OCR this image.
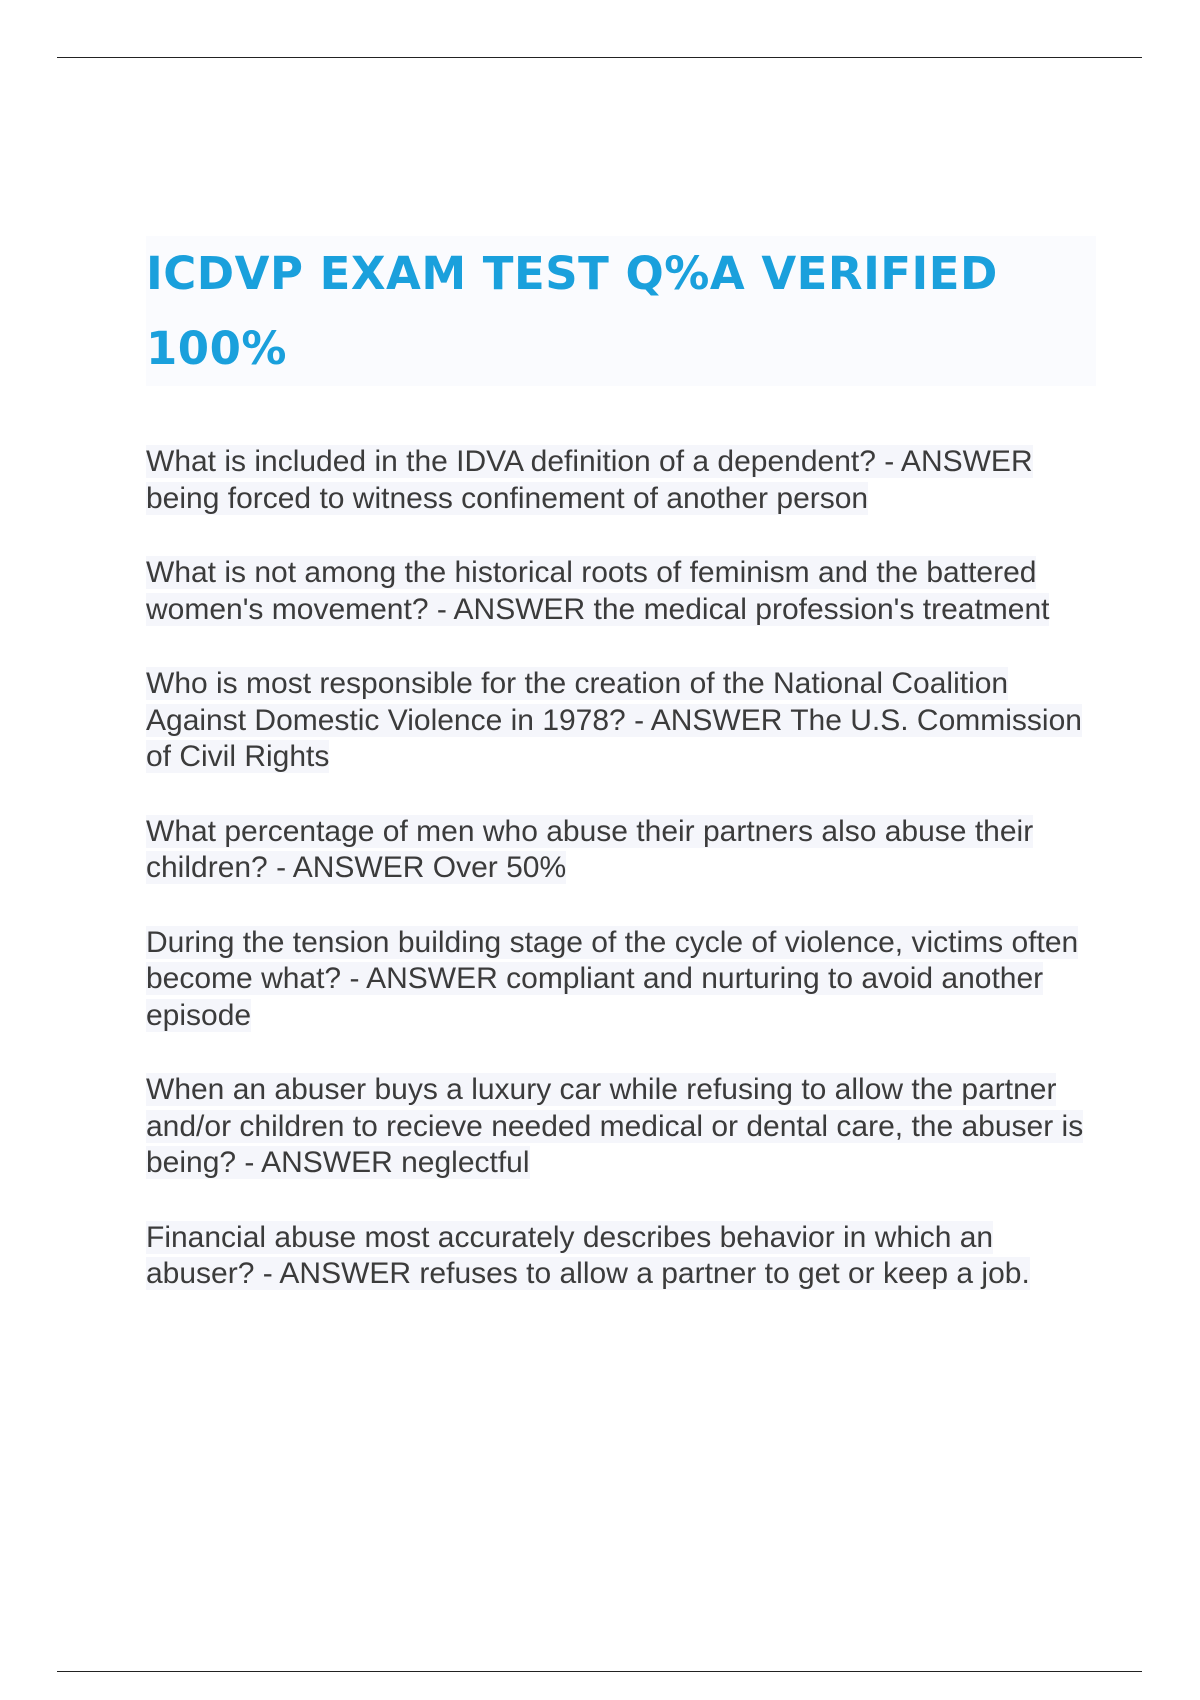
ICDVP EXAM TEST Q%A VERIFIED 100%
What is included in the IDVA definition of a dependent? - ANSWER being forced to witness confinement of another person
What is not among the historical roots of feminism and the battered women's movement? - ANSWER the medical profession's treatment
Who is most responsible for the creation of the National Coalition Against Domestic Violence in 1978? - ANSWER The U.S. Commission of Civil Rights
What percentage of men who abuse their partners also abuse their children? - ANSWER Over 50%
During the tension building stage of the cycle of violence, victims often become what? - ANSWER compliant and nurturing to avoid another episode
When an abuser buys a luxury car while refusing to allow the partner and/or children to recieve needed medical or dental care, the abuser is being? - ANSWER neglectful
Financial abuse most accurately describes behavior in which an abuser? - ANSWER refuses to allow a partner to get or keep a job.
